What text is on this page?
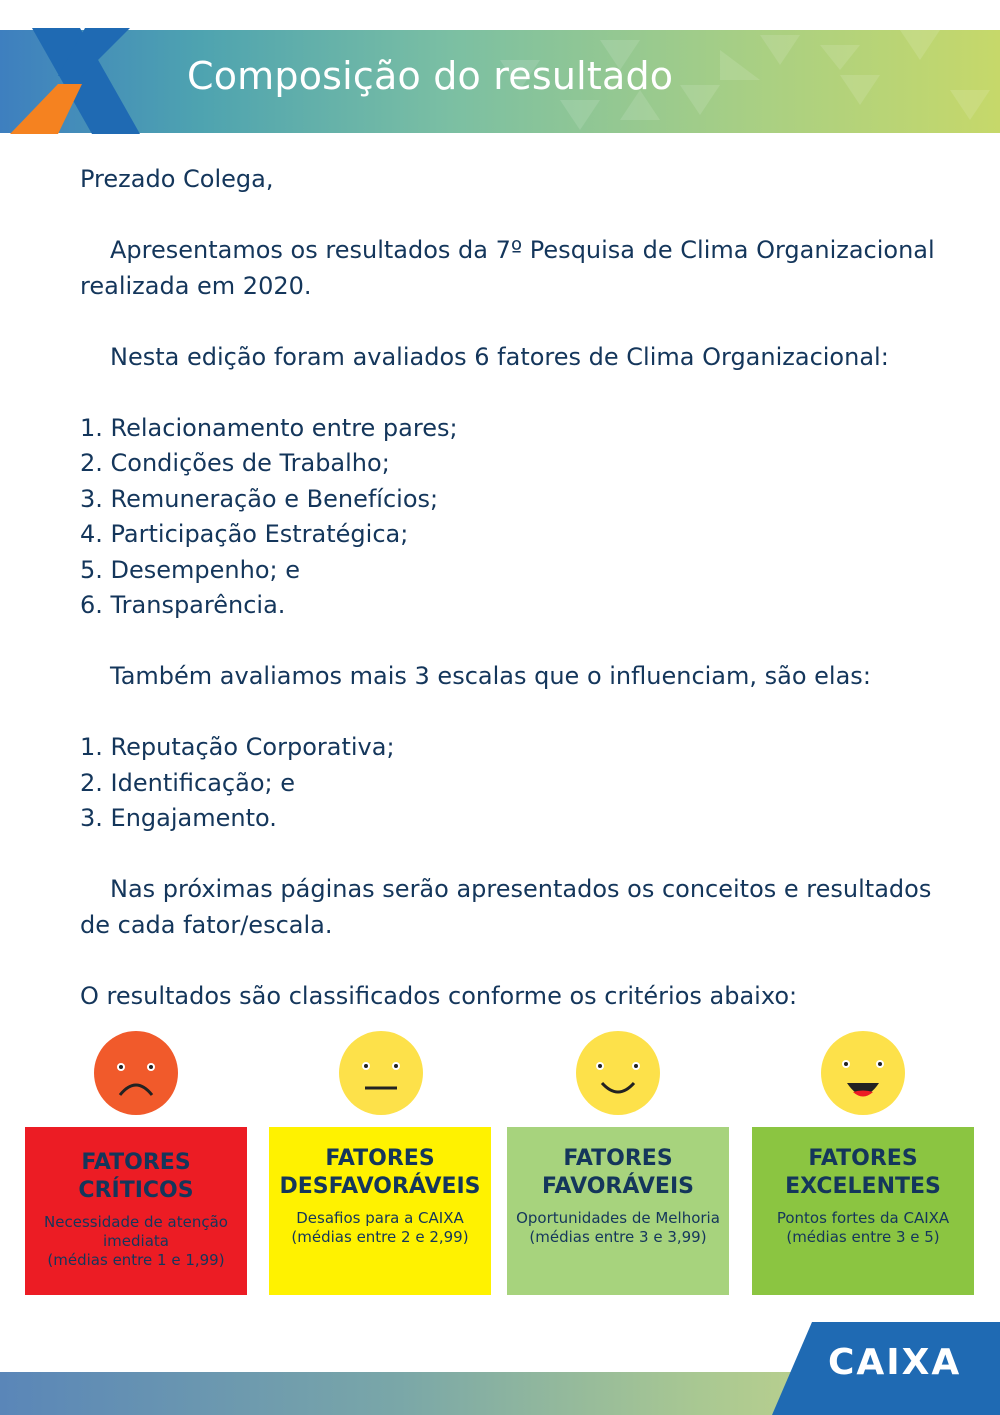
Composição do resultado

Prezado Colega,

Apresentamos os resultados da 7º Pesquisa de Clima Organizacional realizada em 2020.

Nesta edição foram avaliados 6 fatores de Clima Organizacional:

1. Relacionamento entre pares;

2. Condições de Trabalho;

3. Remuneração e Benefícios;

4. Participação Estratégica;

5. Desempenho; e

6. Transparência.

Também avaliamos mais 3 escalas que o influenciam, são elas:

1. Reputação Corporativa;

2. Identificação; e

3. Engajamento.

Nas próximas páginas serão apresentados os conceitos e resultados de cada fator/escala.

O resultados são classificados conforme os critérios abaixo:

FATORES
CRÍTICOS
Necessidade de atenção
imediata
(médias entre 1 e 1,99)
FATORES
DESFAVORÁVEIS
Desafios para a CAIXA
(médias entre 2 e 2,99)
FATORES
FAVORÁVEIS
Oportunidades de Melhoria
(médias entre 3 e 3,99)
FATORES
EXCELENTES
Pontos fortes da CAIXA
(médias entre 3 e 5)
CAIXA
